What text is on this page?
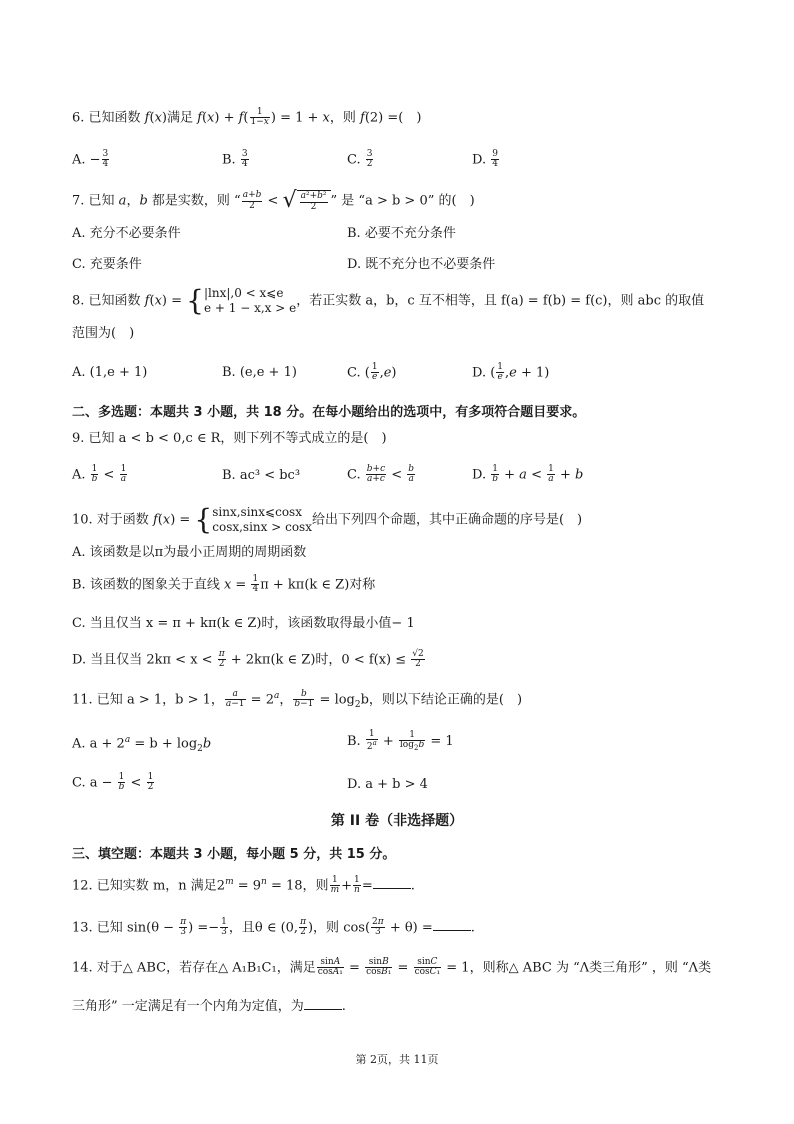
6. 已知函数 f(x)满足 $f(x) + f( \frac{1}{1-x}$ ) = 1 + x，则 f(2) =(　)
A. − $\frac{3}{4}$	B. $\frac{3}{4}$	C. $\frac{3}{2}$	D. $\frac{9}{4}$
7. 已知 a，b 都是实数，则 “ $\frac{a+b}{2}$ < √ $\frac{\text{a²+b²}}{2}$ ” 是 “a > b > 0” 的(　)
A. 充分不必要条件	B. 必要不充分条件
C. 充要条件	D. 既不充分也不必要条件
8. 已知函数 f(x) = {|lnx|,0 < x⩽e
e + 1 − x,x > e，若正实数 a，b，c 互不相等，且 f(a) = f(b) = f(c)，则 abc 的取值
范围为(　)
A. (1,e + 1)	B. (e,e + 1)	C. ( $\frac{1}{e} ,e$)	D. ( $\frac{1}{e} ,e + 1$)
二、多选题：本题共 3 小题，共 18 分。在每小题给出的选项中，有多项符合题目要求。
9. 已知 a < b < 0,c ∈ R，则下列不等式成立的是(　)
A. $\frac{1}{b} < \frac{1}{a}$	B. ac³ < bc³	C. $\frac{b+c}{a+c} < \frac{b}{a}$	D. $\frac{1}{b} + a < \frac{1}{a} + b$
10. 对于函数 f(x) = {sinx,sinx⩽cosx
cosx,sinx > cosx给出下列四个命题，其中正确命题的序号是(　)
A. 该函数是以π为最小正周期的周期函数
B. 该函数的图象关于直线 $x = \frac{1}{4}$ π + kπ(k ∈ Z)对称
C. 当且仅当 x = π + kπ(k ∈ Z)时，该函数取得最小值− 1
D. 当且仅当 $2k\pi < x < \frac{\pi}{2} + 2k\pi(k$ ∈ Z)时，$0 < f(x) \le \frac{√2}{2}$
11. 已知 a > 1，b > 1， $\frac{a}{a-1} = 2^a$， $\frac{b}{b-1} = \log_2b$，则以下结论正确的是(　)
A. $a + 2^a = b + \log_2b$	B. $\frac{1}{2^a} + \frac{1}{\log_2b} = 1$
C. $a - \frac{1}{b} < \frac{1}{2}$	D. a + b > 4
第 II 卷（非选择题）
三、填空题：本题共 3 小题，每小题 5 分，共 15 分。
12. 已知实数 m，n 满足$2^m = 9^n = 18$，则 $\frac{1}{m} + \frac{1}{n}$ =	.
13. 已知 $\sin(\theta - \frac{\pi}{3}$ ) =− $\frac{1}{3}$ ，且θ ∈ (0, $\frac{\pi}{2}$ )，则 $\cos( \frac{2\pi}{3} + \theta)$ =	.
14. 对于△ ABC，若存在△ A₁B₁C₁，满足 $\frac{\sin A}{\text{cosA₁}} = \frac{\sin B}{\text{cosB₁}} = \frac{\sin C}{\text{cosC₁}} = 1$，则称△ ABC 为 “Λ类三角形” ，则 “Λ类
三角形” 一定满足有一个内角为定值，为	.
第 2页，共 11页
